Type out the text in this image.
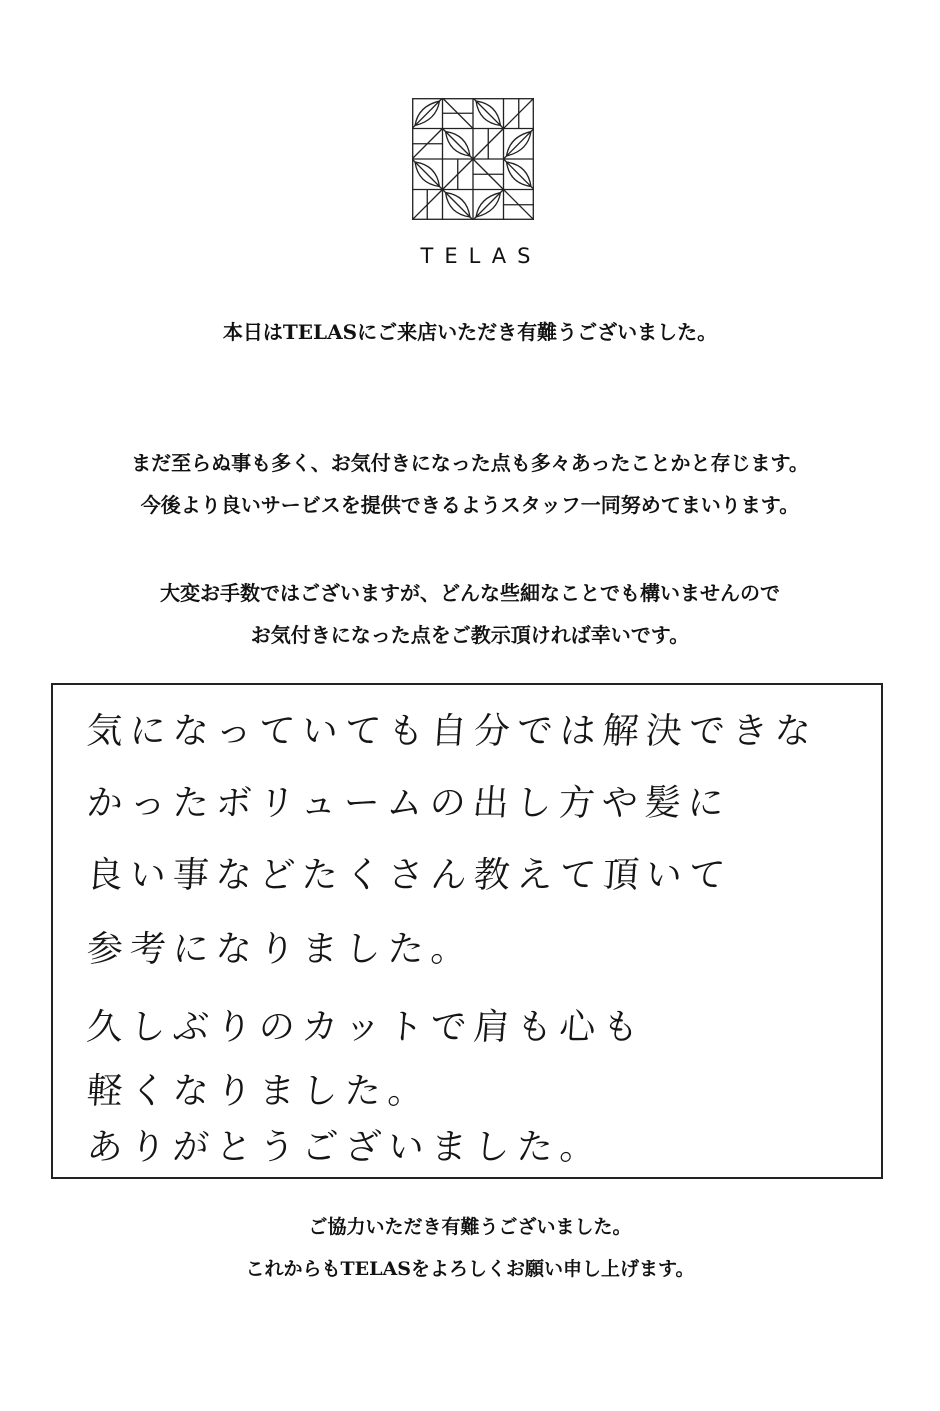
TELAS
本日はTELASにご来店いただき有難うございました。
まだ至らぬ事も多く、お気付きになった点も多々あったことかと存じます。
今後より良いサービスを提供できるようスタッフ一同努めてまいります。
大変お手数ではございますが、どんな些細なことでも構いませんので
お気付きになった点をご教示頂ければ幸いです。
気になっていても自分では解決できな
かったボリュームの出し方や髪に
良い事などたくさん教えて頂いて
参考になりました。
久しぶりのカットで肩も心も
軽くなりました。
ありがとうございました。
ご協力いただき有難うございました。
これからもTELASをよろしくお願い申し上げます。
